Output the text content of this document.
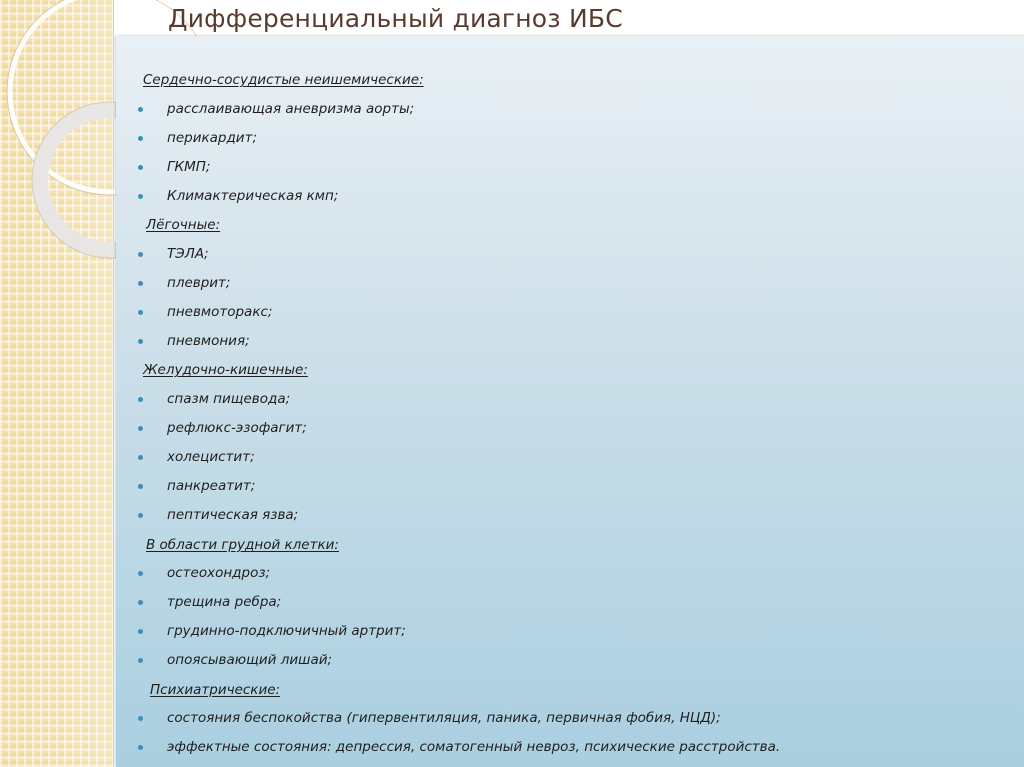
Дифференциальный диагноз ИБС
Сердечно-сосудистые неишемические:
расслаивающая аневризма аорты;
перикардит;
ГКМП;
Климактерическая кмп;
Лёгочные:
ТЭЛА;
плеврит;
пневмоторакс;
пневмония;
Желудочно-кишечные:
спазм пищевода;
рефлюкс-эзофагит;
холецистит;
панкреатит;
пептическая язва;
В области грудной клетки:
остеохондроз;
трещина ребра;
грудинно-подключичный артрит;
опоясывающий лишай;
Психиатрические:
состояния беспокойства (гипервентиляция, паника, первичная фобия, НЦД);
эффектные состояния: депрессия, соматогенный невроз, психические расстройства.
